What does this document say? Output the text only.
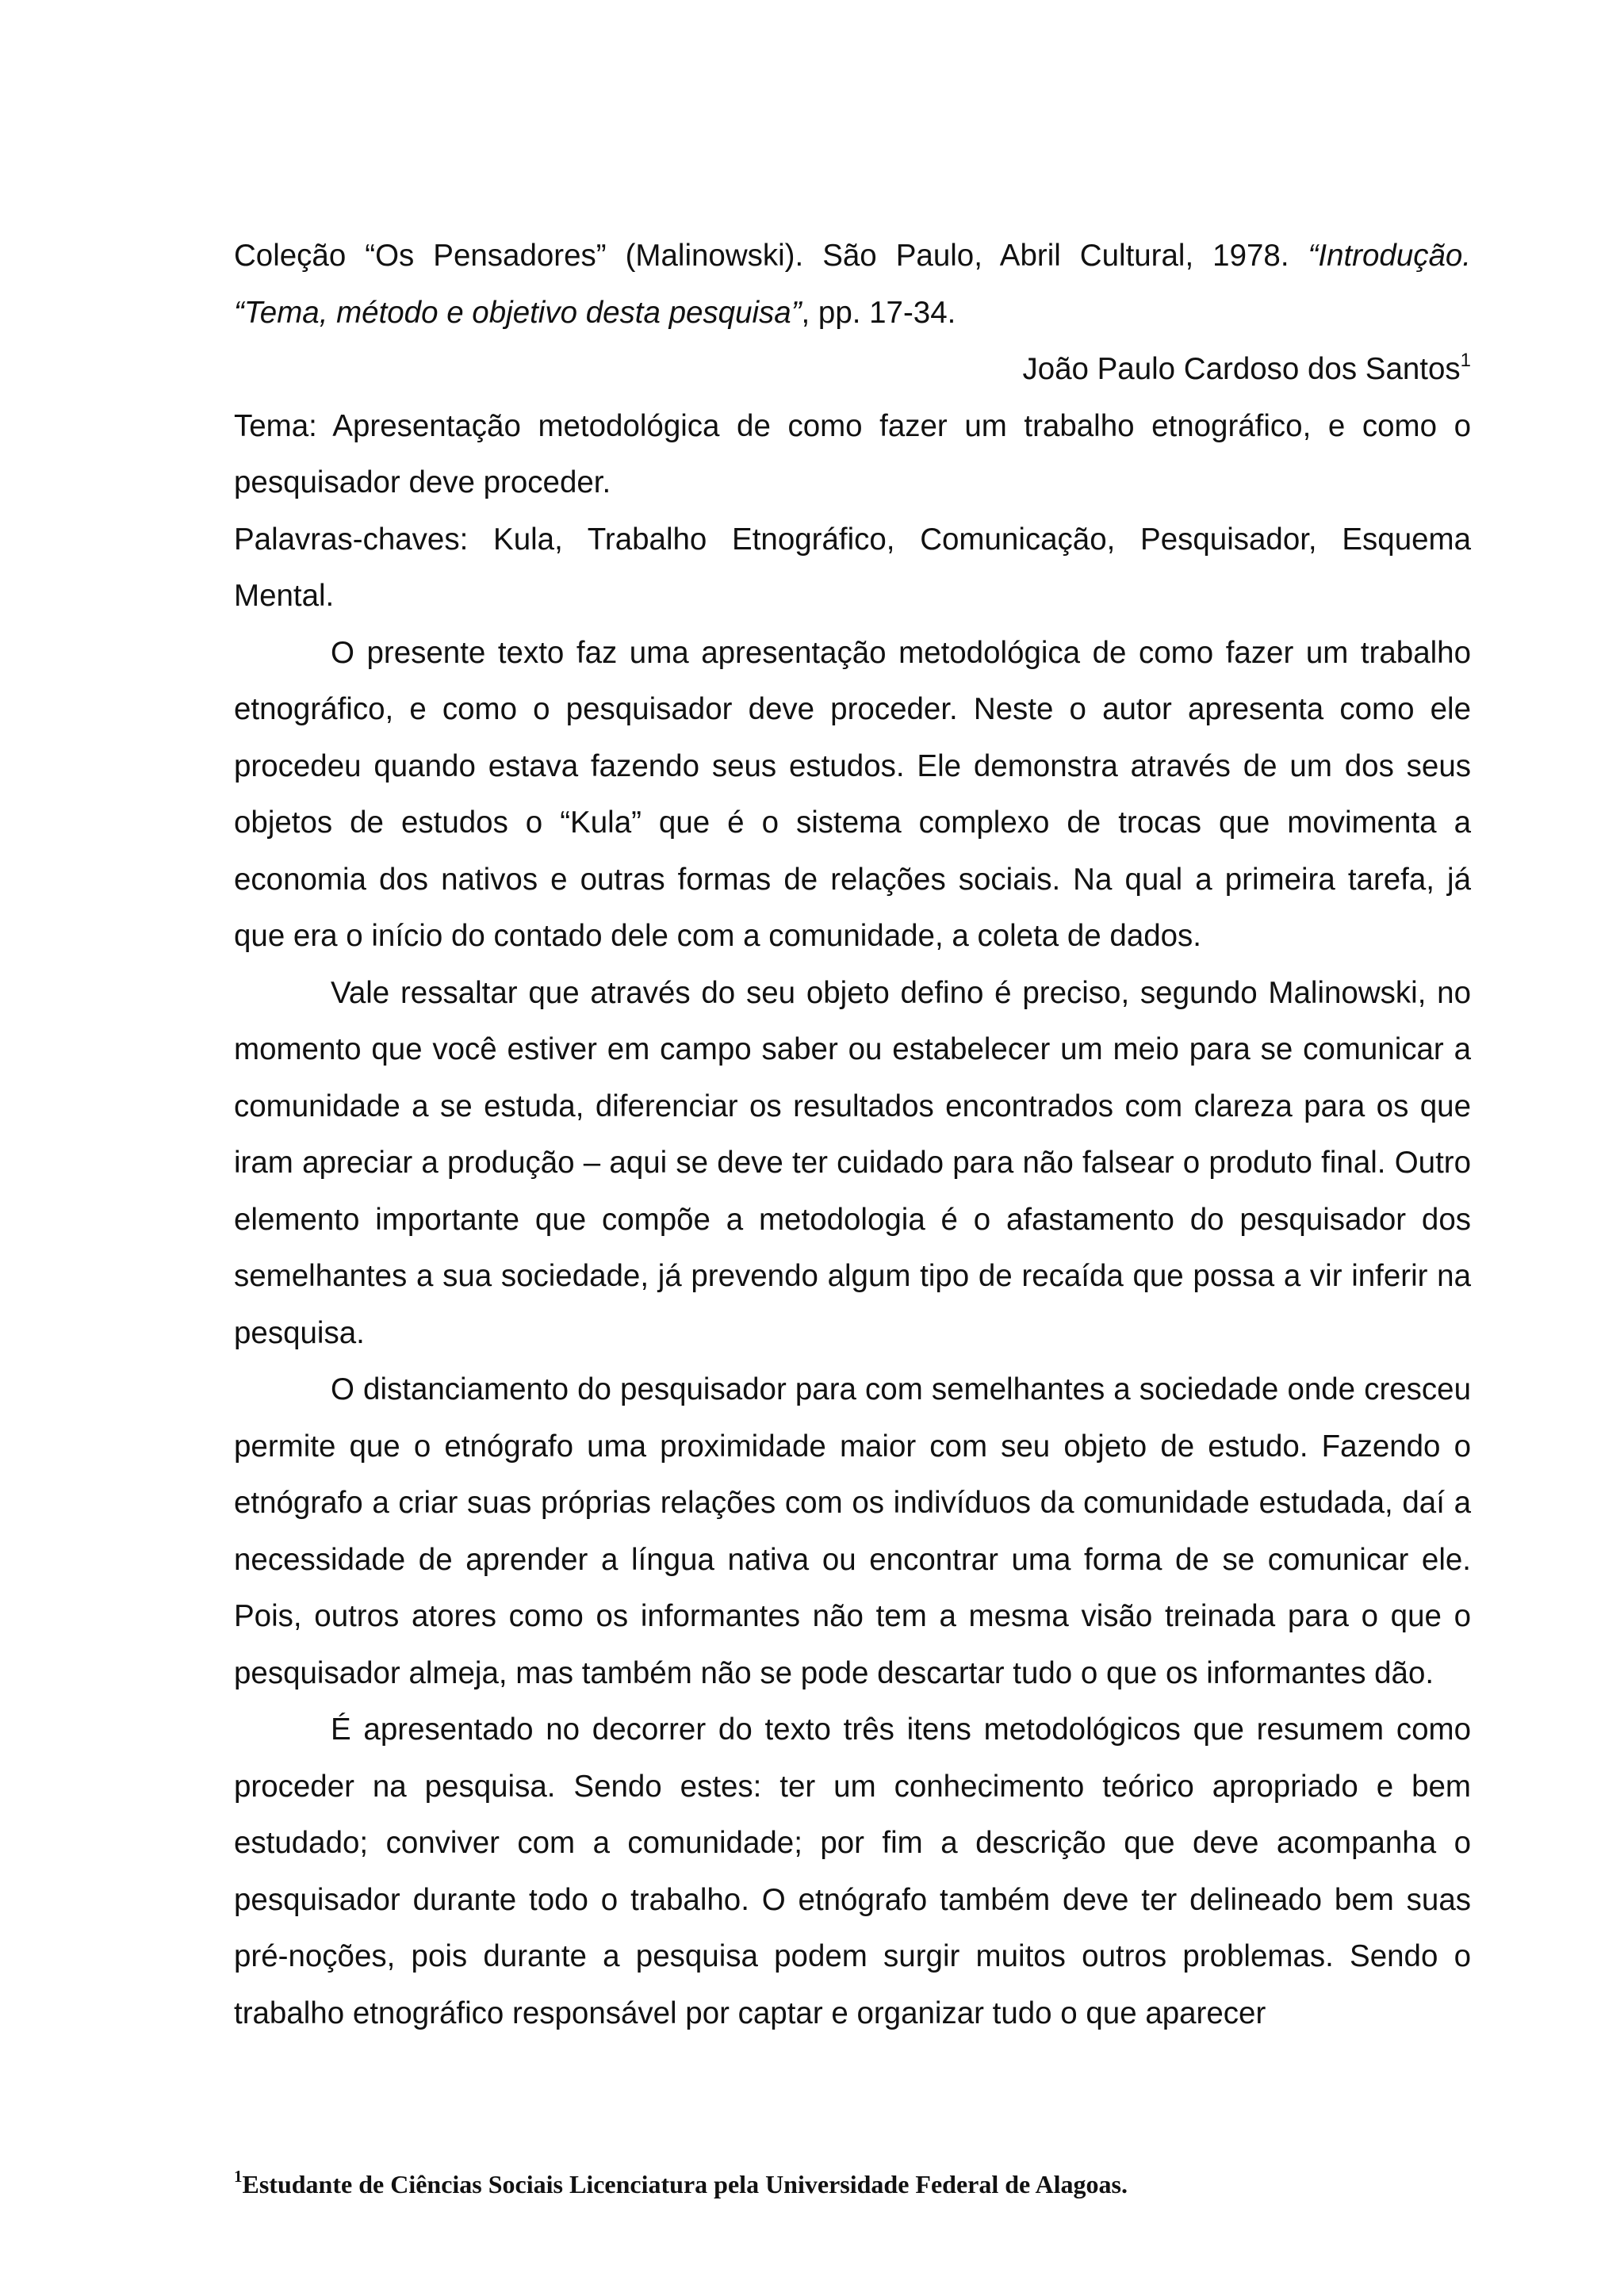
Coleção “Os Pensadores” (Malinowski). São Paulo, Abril Cultural, 1978. “Introdução. “Tema, método e objetivo desta pesquisa”, pp. 17-34.

João Paulo Cardoso dos Santos$^1$

Tema: Apresentação metodológica de como fazer um trabalho etnográfico, e como o pesquisador deve proceder.

Palavras-chaves: Kula, Trabalho Etnográfico, Comunicação, Pesquisador, Esquema Mental.

O presente texto faz uma apresentação metodológica de como fazer um trabalho etnográfico, e como o pesquisador deve proceder. Neste o autor apresenta como ele procedeu quando estava fazendo seus estudos. Ele demonstra através de um dos seus objetos de estudos o “Kula” que é o sistema complexo de trocas que movimenta a economia dos nativos e outras formas de relações sociais. Na qual a primeira tarefa, já que era o início do contado dele com a comunidade, a coleta de dados.

Vale ressaltar que através do seu objeto defino é preciso, segundo Malinowski, no momento que você estiver em campo saber ou estabelecer um meio para se comunicar a comunidade a se estuda, diferenciar os resultados encontrados com clareza para os que iram apreciar a produção – aqui se deve ter cuidado para não falsear o produto final. Outro elemento importante que compõe a metodologia é o afastamento do pesquisador dos semelhantes a sua sociedade, já prevendo algum tipo de recaída que possa a vir inferir na pesquisa.

O distanciamento do pesquisador para com semelhantes a sociedade onde cresceu permite que o etnógrafo uma proximidade maior com seu objeto de estudo. Fazendo o etnógrafo a criar suas próprias relações com os indivíduos da comunidade estudada, daí a necessidade de aprender a língua nativa ou encontrar uma forma de se comunicar ele. Pois, outros atores como os informantes não tem a mesma visão treinada para o que o pesquisador almeja, mas também não se pode descartar tudo o que os informantes dão.

É apresentado no decorrer do texto três itens metodológicos que resumem como proceder na pesquisa. Sendo estes: ter um conhecimento teórico apropriado e bem estudado; conviver com a comunidade; por fim a descrição que deve acompanha o pesquisador durante todo o trabalho. O etnógrafo também deve ter delineado bem suas pré-noções, pois durante a pesquisa podem surgir muitos outros problemas. Sendo o trabalho etnográfico responsável por captar e organizar tudo o que aparecer

$^1$Estudante de Ciências Sociais Licenciatura pela Universidade Federal de Alagoas.
